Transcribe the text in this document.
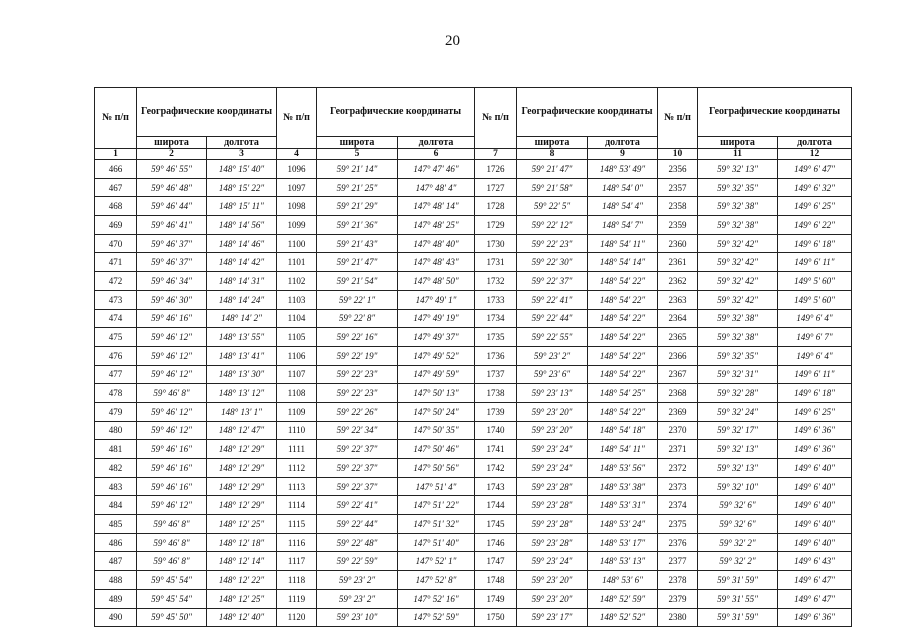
20
№ п/п	Географические координаты		№ п/п	Географические координаты		№ п/п	Географические координаты		№ п/п	Географические координаты	
	широта	долгота		широта	долгота		широта	долгота		широта	долгота
1	2	3	4	5	6	7	8	9	10	11	12
466	59° 46' 55"	148° 15' 40"	1096	59° 21' 14"	147° 47' 46"	1726	59° 21' 47"	148° 53' 49"	2356	59° 32' 13"	149° 6' 47"
467	59° 46' 48"	148° 15' 22"	1097	59° 21' 25"	147° 48' 4"	1727	59° 21' 58"	148° 54' 0"	2357	59° 32' 35"	149° 6' 32"
468	59° 46' 44"	148° 15' 11"	1098	59° 21' 29"	147° 48' 14"	1728	59° 22' 5"	148° 54' 4"	2358	59° 32' 38"	149° 6' 25"
469	59° 46' 41"	148° 14' 56"	1099	59° 21' 36"	147° 48' 25"	1729	59° 22' 12"	148° 54' 7"	2359	59° 32' 38"	149° 6' 22"
470	59° 46' 37"	148° 14' 46"	1100	59° 21' 43"	147° 48' 40"	1730	59° 22' 23"	148° 54' 11"	2360	59° 32' 42"	149° 6' 18"
471	59° 46' 37"	148° 14' 42"	1101	59° 21' 47"	147° 48' 43"	1731	59° 22' 30"	148° 54' 14"	2361	59° 32' 42"	149° 6' 11"
472	59° 46' 34"	148° 14' 31"	1102	59° 21' 54"	147° 48' 50"	1732	59° 22' 37"	148° 54' 22"	2362	59° 32' 42"	149° 5' 60"
473	59° 46' 30"	148° 14' 24"	1103	59° 22' 1"	147° 49' 1"	1733	59° 22' 41"	148° 54' 22"	2363	59° 32' 42"	149° 5' 60"
474	59° 46' 16"	148° 14' 2"	1104	59° 22' 8"	147° 49' 19"	1734	59° 22' 44"	148° 54' 22"	2364	59° 32' 38"	149° 6' 4"
475	59° 46' 12"	148° 13' 55"	1105	59° 22' 16"	147° 49' 37"	1735	59° 22' 55"	148° 54' 22"	2365	59° 32' 38"	149° 6' 7"
476	59° 46' 12"	148° 13' 41"	1106	59° 22' 19"	147° 49' 52"	1736	59° 23' 2"	148° 54' 22"	2366	59° 32' 35"	149° 6' 4"
477	59° 46' 12"	148° 13' 30"	1107	59° 22' 23"	147° 49' 59"	1737	59° 23' 6"	148° 54' 22"	2367	59° 32' 31"	149° 6' 11"
478	59° 46' 8"	148° 13' 12"	1108	59° 22' 23"	147° 50' 13"	1738	59° 23' 13"	148° 54' 25"	2368	59° 32' 28"	149° 6' 18"
479	59° 46' 12"	148° 13' 1"	1109	59° 22' 26"	147° 50' 24"	1739	59° 23' 20"	148° 54' 22"	2369	59° 32' 24"	149° 6' 25"
480	59° 46' 12"	148° 12' 47"	1110	59° 22' 34"	147° 50' 35"	1740	59° 23' 20"	148° 54' 18"	2370	59° 32' 17"	149° 6' 36"
481	59° 46' 16"	148° 12' 29"	1111	59° 22' 37"	147° 50' 46"	1741	59° 23' 24"	148° 54' 11"	2371	59° 32' 13"	149° 6' 36"
482	59° 46' 16"	148° 12' 29"	1112	59° 22' 37"	147° 50' 56"	1742	59° 23' 24"	148° 53' 56"	2372	59° 32' 13"	149° 6' 40"
483	59° 46' 16"	148° 12' 29"	1113	59° 22' 37"	147° 51' 4"	1743	59° 23' 28"	148° 53' 38"	2373	59° 32' 10"	149° 6' 40"
484	59° 46' 12"	148° 12' 29"	1114	59° 22' 41"	147° 51' 22"	1744	59° 23' 28"	148° 53' 31"	2374	59° 32' 6"	149° 6' 40"
485	59° 46' 8"	148° 12' 25"	1115	59° 22' 44"	147° 51' 32"	1745	59° 23' 28"	148° 53' 24"	2375	59° 32' 6"	149° 6' 40"
486	59° 46' 8"	148° 12' 18"	1116	59° 22' 48"	147° 51' 40"	1746	59° 23' 28"	148° 53' 17"	2376	59° 32' 2"	149° 6' 40"
487	59° 46' 8"	148° 12' 14"	1117	59° 22' 59"	147° 52' 1"	1747	59° 23' 24"	148° 53' 13"	2377	59° 32' 2"	149° 6' 43"
488	59° 45' 54"	148° 12' 22"	1118	59° 23' 2"	147° 52' 8"	1748	59° 23' 20"	148° 53' 6"	2378	59° 31' 59"	149° 6' 47"
489	59° 45' 54"	148° 12' 25"	1119	59° 23' 2"	147° 52' 16"	1749	59° 23' 20"	148° 52' 59"	2379	59° 31' 55"	149° 6' 47"
490	59° 45' 50"	148° 12' 40"	1120	59° 23' 10"	147° 52' 59"	1750	59° 23' 17"	148° 52' 52"	2380	59° 31' 59"	149° 6' 36"
